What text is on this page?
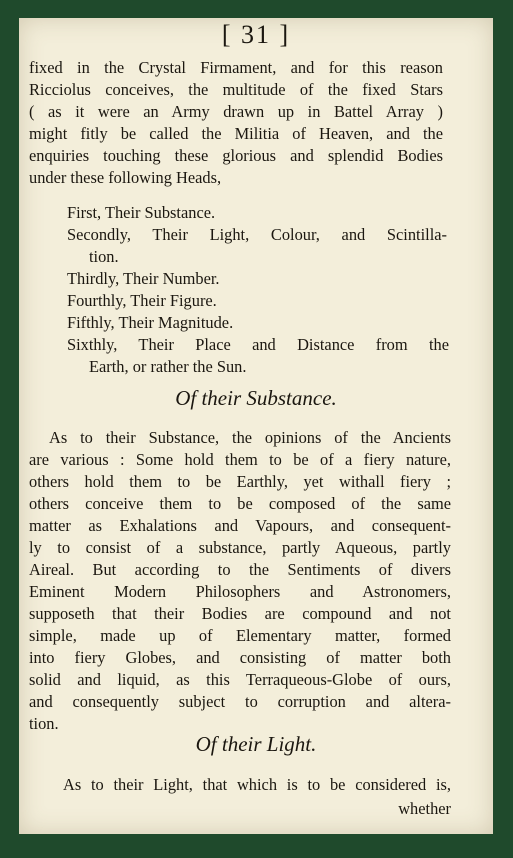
[ 31 ]
fixed in the Crystal Firmament, and for this reason
Ricciolus conceives, the multitude of the fixed Stars
( as it were an Army drawn up in Battel Array )
might fitly be called the Militia of Heaven, and the
enquiries touching these glorious and splendid Bodies
under these following Heads,
First, Their Substance.
Secondly, Their Light, Colour, and Scintilla-
tion.
Thirdly, Their Number.
Fourthly, Their Figure.
Fifthly, Their Magnitude.
Sixthly, Their Place and Distance from the
Earth, or rather the Sun.
Of their Substance.
As to their Substance, the opinions of the Ancients
are various : Some hold them to be of a fiery nature,
others hold them to be Earthly, yet withall fiery ;
others conceive them to be composed of the same
matter as Exhalations and Vapours, and consequent-
ly to consist of a substance, partly Aqueous, partly
Aireal. But according to the Sentiments of divers
Eminent Modern Philosophers and Astronomers,
supposeth that their Bodies are compound and not
simple, made up of Elementary matter, formed
into fiery Globes, and consisting of matter both
solid and liquid, as this Terraqueous-Globe of ours,
and consequently subject to corruption and altera-
tion.
Of their Light.
As to their Light, that which is to be considered is,
whether
